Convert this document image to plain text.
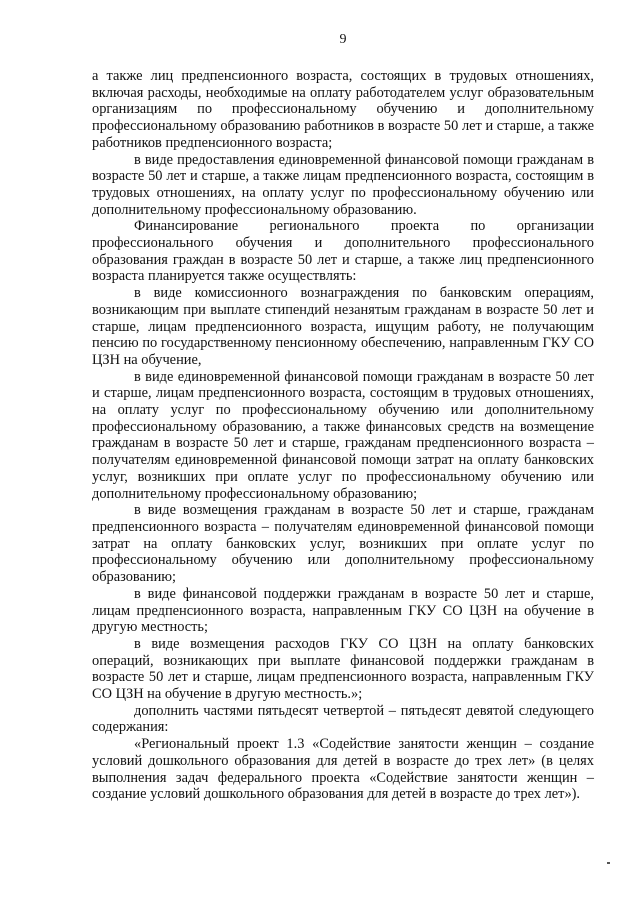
9

а также лиц предпенсионного возраста, состоящих в трудовых отношениях, включая расходы, необходимые на оплату работодателем услуг образовательным организациям по профессиональному обучению и дополнительному профессиональному образованию работников в возрасте 50 лет и старше, а также работников предпенсионного возраста;

в виде предоставления единовременной финансовой помощи гражданам в возрасте 50 лет и старше, а также лицам предпенсионного возраста, состоящим в трудовых отношениях, на оплату услуг по профессиональному обучению или дополнительному профессиональному образованию.

Финансирование регионального проекта по организации профессионального обучения и дополнительного профессионального образования граждан в возрасте 50 лет и старше, а также лиц предпенсионного возраста планируется также осуществлять:

в виде комиссионного вознаграждения по банковским операциям, возникающим при выплате стипендий незанятым гражданам в возрасте 50 лет и старше, лицам предпенсионного возраста, ищущим работу, не получающим пенсию по государственному пенсионному обеспечению, направленным ГКУ СО ЦЗН на обучение,

в виде единовременной финансовой помощи гражданам в возрасте 50 лет и старше, лицам предпенсионного возраста, состоящим в трудовых отношениях, на оплату услуг по профессиональному обучению или дополнительному профессиональному образованию, а также финансовых средств на возмещение гражданам в возрасте 50 лет и старше, гражданам предпенсионного возраста – получателям единовременной финансовой помощи затрат на оплату банковских услуг, возникших при оплате услуг по профессиональному обучению или дополнительному профессиональному образованию;

в виде возмещения гражданам в возрасте 50 лет и старше, гражданам предпенсионного возраста – получателям единовременной финансовой помощи затрат на оплату банковских услуг, возникших при оплате услуг по профессиональному обучению или дополнительному профессиональному образованию;

в виде финансовой поддержки гражданам в возрасте 50 лет и старше, лицам предпенсионного возраста, направленным ГКУ СО ЦЗН на обучение в другую местность;

в виде возмещения расходов ГКУ СО ЦЗН на оплату банковских операций, возникающих при выплате финансовой поддержки гражданам в возрасте 50 лет и старше, лицам предпенсионного возраста, направленным ГКУ СО ЦЗН на обучение в другую местность.»;

дополнить частями пятьдесят четвертой – пятьдесят девятой следующего содержания:

«Региональный проект 1.3 «Содействие занятости женщин – создание условий дошкольного образования для детей в возрасте до трех лет» (в целях выполнения задач федерального проекта «Содействие занятости женщин – создание условий дошкольного образования для детей в возрасте до трех лет»).
